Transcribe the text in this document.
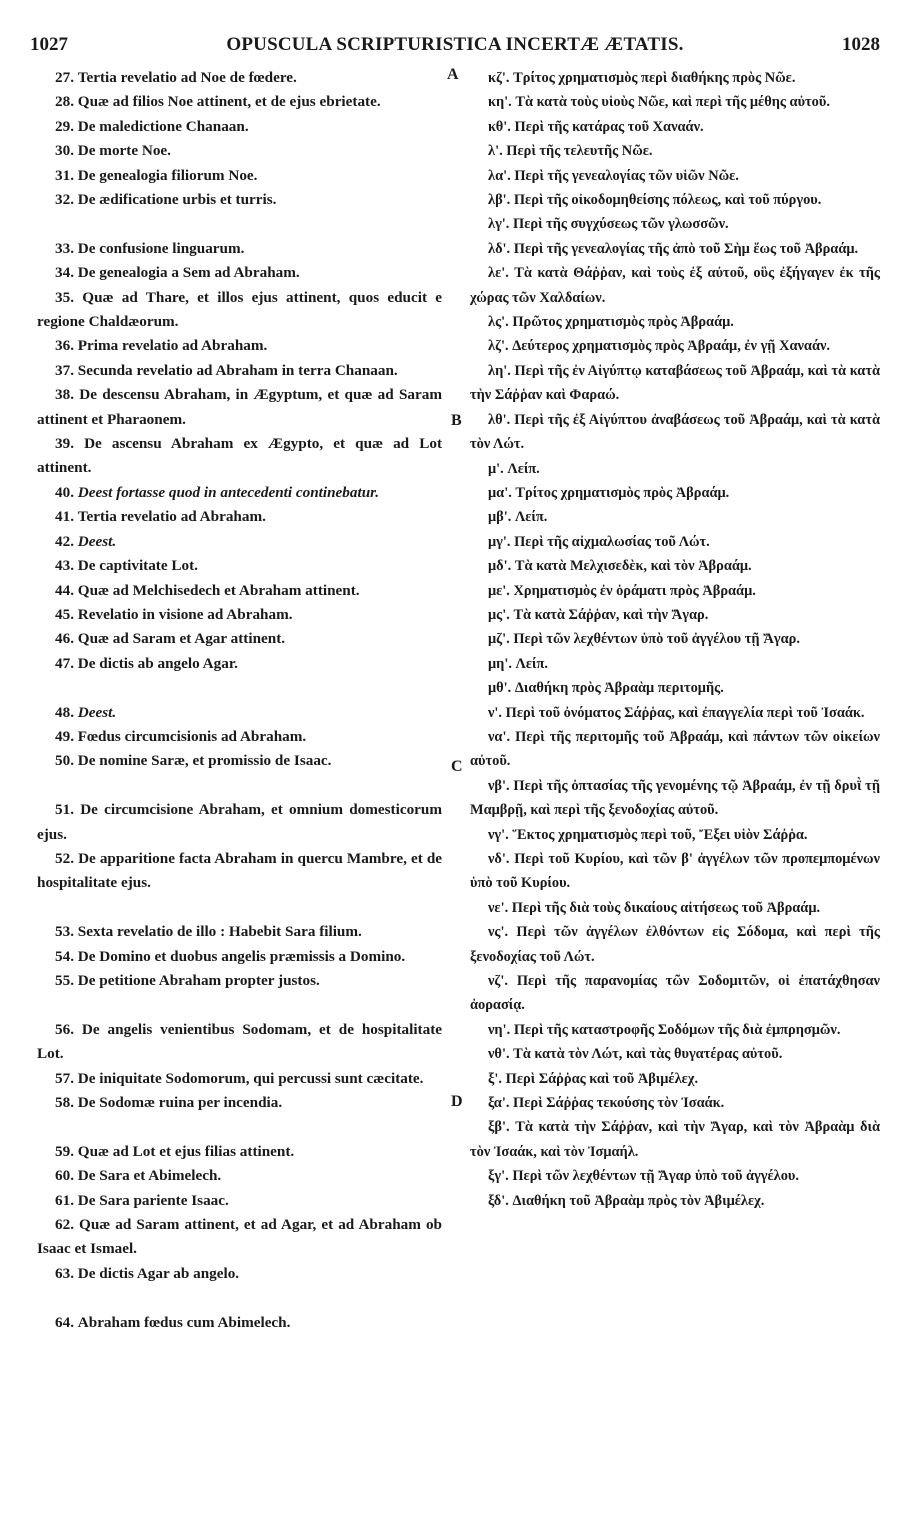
1027	OPUSCULA SCRIPTURISTICA INCERTÆ ÆTATIS.	1028
A
B
C
D

27. Tertia revelatio ad Noe de fœdere.

28. Quæ ad filios Noe attinent, et de ejus ebrietate.

29. De maledictione Chanaan.

30. De morte Noe.

31. De genealogia filiorum Noe.

32. De ædificatione urbis et turris.

33. De confusione linguarum.

34. De genealogia a Sem ad Abraham.

35. Quæ ad Thare, et illos ejus attinent, quos educit e regione Chaldæorum.

36. Prima revelatio ad Abraham.

37. Secunda revelatio ad Abraham in terra Chanaan.

38. De descensu Abraham, in Ægyptum, et quæ ad Saram attinent et Pharaonem.

39. De ascensu Abraham ex Ægypto, et quæ ad Lot attinent.

40. Deest fortasse quod in antecedenti continebatur.

41. Tertia revelatio ad Abraham.

42. Deest.

43. De captivitate Lot.

44. Quæ ad Melchisedech et Abraham attinent.

45. Revelatio in visione ad Abraham.

46. Quæ ad Saram et Agar attinent.

47. De dictis ab angelo Agar.

48. Deest.

49. Fœdus circumcisionis ad Abraham.

50. De nomine Saræ, et promissio de Isaac.

51. De circumcisione Abraham, et omnium domesticorum ejus.

52. De apparitione facta Abraham in quercu Mambre, et de hospitalitate ejus.

53. Sexta revelatio de illo : Habebit Sara filium.

54. De Domino et duobus angelis præmissis a Domino.

55. De petitione Abraham propter justos.

56. De angelis venientibus Sodomam, et de hospitalitate Lot.

57. De iniquitate Sodomorum, qui percussi sunt cæcitate.

58. De Sodomæ ruina per incendia.

59. Quæ ad Lot et ejus filias attinent.

60. De Sara et Abimelech.

61. De Sara pariente Isaac.

62. Quæ ad Saram attinent, et ad Agar, et ad Abraham ob Isaac et Ismael.

63. De dictis Agar ab angelo.

64. Abraham fœdus cum Abimelech.

κζ'. Τρίτος χρηματισμὸς περὶ διαθήκης πρὸς Νῶε.

κη'. Τὰ κατὰ τοὺς υἱοὺς Νῶε, καὶ περὶ τῆς μέθης αὐτοῦ.

κθ'. Περὶ τῆς κατάρας τοῦ Χαναάν.

λ'. Περὶ τῆς τελευτῆς Νῶε.

λα'. Περὶ τῆς γενεαλογίας τῶν υἱῶν Νῶε.

λβ'. Περὶ τῆς οἰκοδομηθείσης πόλεως, καὶ τοῦ πύργου.

λγ'. Περὶ τῆς συγχύσεως τῶν γλωσσῶν.

λδ'. Περὶ τῆς γενεαλογίας τῆς ἀπὸ τοῦ Σὴμ ἕως τοῦ Ἀβραάμ.

λε'. Τὰ κατὰ Θάῤῥαν, καὶ τοὺς ἐξ αὐτοῦ, οὓς ἐξήγαγεν ἐκ τῆς χώρας τῶν Χαλδαίων.

λς'. Πρῶτος χρηματισμὸς πρὸς Ἀβραάμ.

λζ'. Δεύτερος χρηματισμὸς πρὸς Ἀβραάμ, ἐν γῇ Χαναάν.

λη'. Περὶ τῆς ἐν Αἰγύπτῳ καταβάσεως τοῦ Ἀβραάμ, καὶ τὰ κατὰ τὴν Σάῤῥαν καὶ Φαραώ.

λθ'. Περὶ τῆς ἐξ Αἰγύπτου ἀναβάσεως τοῦ Ἀβραάμ, καὶ τὰ κατὰ τὸν Λώτ.

μ'. Λείπ.

μα'. Τρίτος χρηματισμὸς πρὸς Ἀβραάμ.

μβ'. Λείπ.

μγ'. Περὶ τῆς αἰχμαλωσίας τοῦ Λώτ.

μδ'. Τὰ κατὰ Μελχισεδὲκ, καὶ τὸν Ἀβραάμ.

με'. Χρηματισμὸς ἐν ὁράματι πρὸς Ἀβραάμ.

μς'. Τὰ κατὰ Σάῤῥαν, καὶ τὴν Ἄγαρ.

μζ'. Περὶ τῶν λεχθέντων ὑπὸ τοῦ ἀγγέλου τῇ Ἄγαρ.

μη'. Λείπ.

μθ'. Διαθήκη πρὸς Ἀβραὰμ περιτομῆς.

ν'. Περὶ τοῦ ὀνόματος Σάῤῥας, καὶ ἐπαγγελία περὶ τοῦ Ἰσαάκ.

να'. Περὶ τῆς περιτομῆς τοῦ Ἀβραάμ, καὶ πάντων τῶν οἰκείων αὐτοῦ.

νβ'. Περὶ τῆς ὀπτασίας τῆς γενομένης τῷ Ἀβραάμ, ἐν τῇ δρυῒ τῇ Μαμβρῇ, καὶ περὶ τῆς ξενοδοχίας αὐτοῦ.

νγ'. Ἕκτος χρηματισμὸς περὶ τοῦ, Ἔξει υἱὸν Σάῤῥα.

νδ'. Περὶ τοῦ Κυρίου, καὶ τῶν β' ἀγγέλων τῶν προπεμπομένων ὑπὸ τοῦ Κυρίου.

νε'. Περὶ τῆς διὰ τοὺς δικαίους αἰτήσεως τοῦ Ἀβραάμ.

νς'. Περὶ τῶν ἀγγέλων ἐλθόντων εἰς Σόδομα, καὶ περὶ τῆς ξενοδοχίας τοῦ Λώτ.

νζ'. Περὶ τῆς παρανομίας τῶν Σοδομιτῶν, οἱ ἐπατάχθησαν ἀορασίᾳ.

νη'. Περὶ τῆς καταστροφῆς Σοδόμων τῆς διὰ ἐμπρησμῶν.

νθ'. Τὰ κατὰ τὸν Λώτ, καὶ τὰς θυγατέρας αὐτοῦ.

ξ'. Περὶ Σάῤῥας καὶ τοῦ Ἀβιμέλεχ.

ξα'. Περὶ Σάῤῥας τεκούσης τὸν Ἰσαάκ.

ξβ'. Τὰ κατὰ τὴν Σάῤῥαν, καὶ τὴν Ἄγαρ, καὶ τὸν Ἀβραὰμ διὰ τὸν Ἰσαάκ, καὶ τὸν Ἰσμαήλ.

ξγ'. Περὶ τῶν λεχθέντων τῇ Ἄγαρ ὑπὸ τοῦ ἀγγέλου.

ξδ'. Διαθήκη τοῦ Ἀβραὰμ πρὸς τὸν Ἀβιμέλεχ.
